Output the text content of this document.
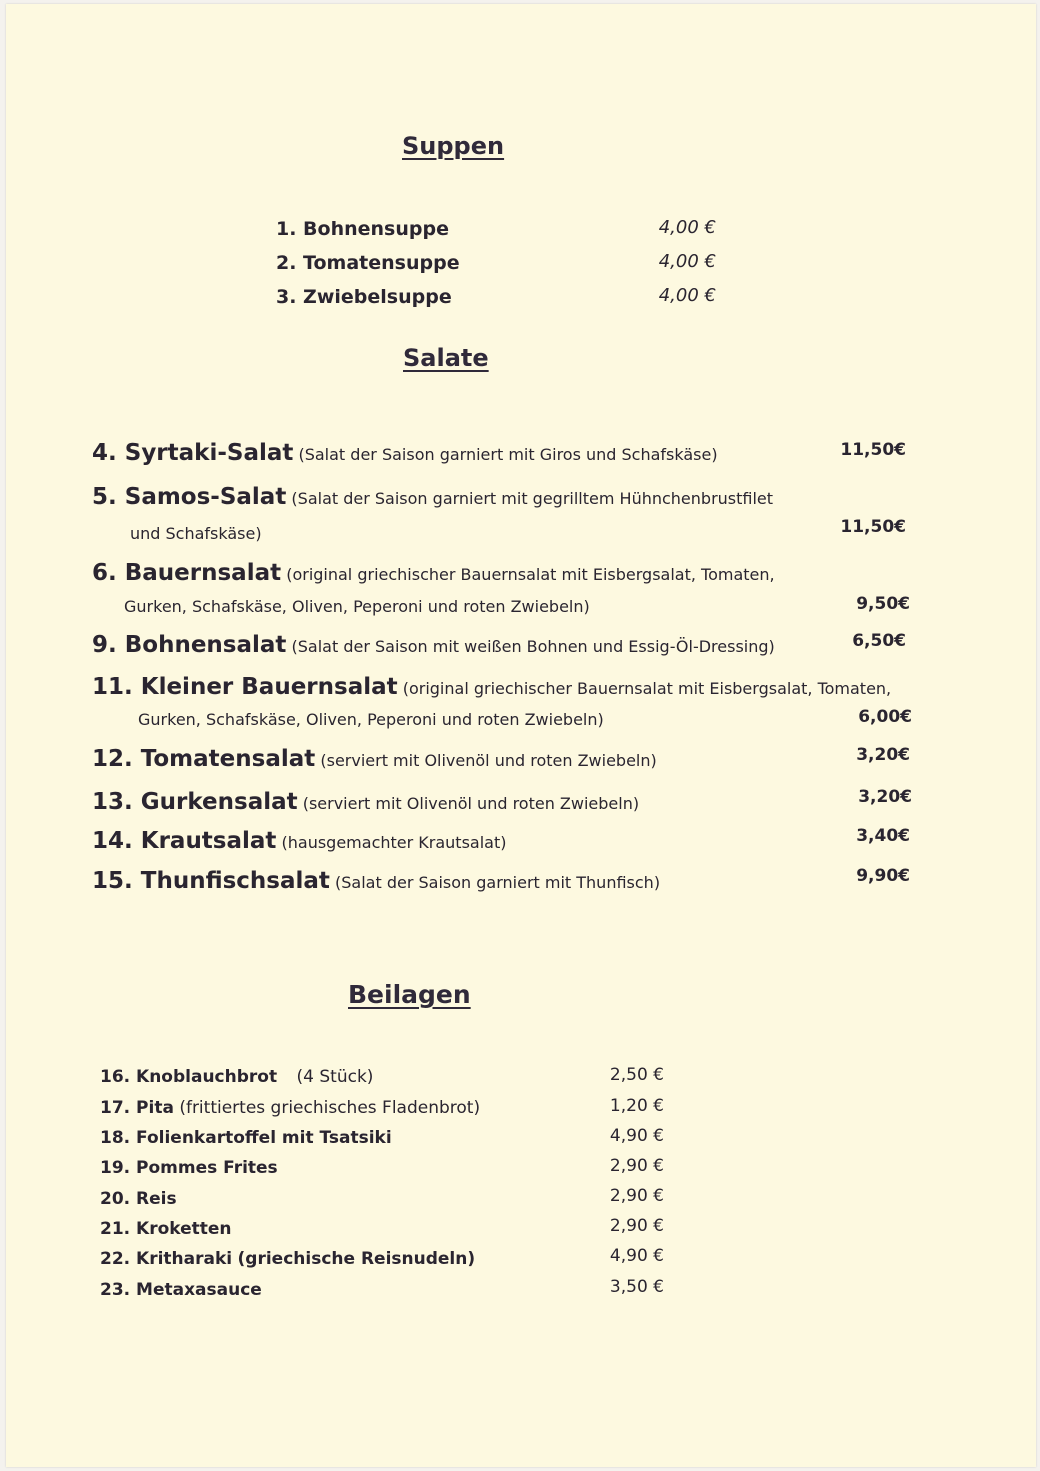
Suppen
1. Bohnensuppe	4,00 €
2. Tomatensuppe	4,00 €
3. Zwiebelsuppe	4,00 €
Salate
4. Syrtaki-Salat (Salat der Saison garniert mit Giros und Schafskäse)	11,50€
5. Samos-Salat (Salat der Saison garniert mit gegrilltem Hühnchenbrustfilet
und Schafskäse)	11,50€
6. Bauernsalat (original griechischer Bauernsalat mit Eisbergsalat, Tomaten,
Gurken, Schafskäse, Oliven, Peperoni und roten Zwiebeln)	9,50€
9. Bohnensalat (Salat der Saison mit weißen Bohnen und Essig-Öl-Dressing)	6,50€
11. Kleiner Bauernsalat (original griechischer Bauernsalat mit Eisbergsalat, Tomaten,
Gurken, Schafskäse, Oliven, Peperoni und roten Zwiebeln)	6,00€
12. Tomatensalat (serviert mit Olivenöl und roten Zwiebeln)	3,20€
13. Gurkensalat (serviert mit Olivenöl und roten Zwiebeln)	3,20€
14. Krautsalat (hausgemachter Krautsalat)	3,40€
15. Thunfischsalat (Salat der Saison garniert mit Thunfisch)	9,90€
Beilagen
16. Knoblauchbrot (4 Stück)	2,50 €
17. Pita (frittiertes griechisches Fladenbrot)	1,20 €
18. Folienkartoffel mit Tsatsiki	4,90 €
19. Pommes Frites	2,90 €
20. Reis	2,90 €
21. Kroketten	2,90 €
22. Kritharaki (griechische Reisnudeln)	4,90 €
23. Metaxasauce	3,50 €
